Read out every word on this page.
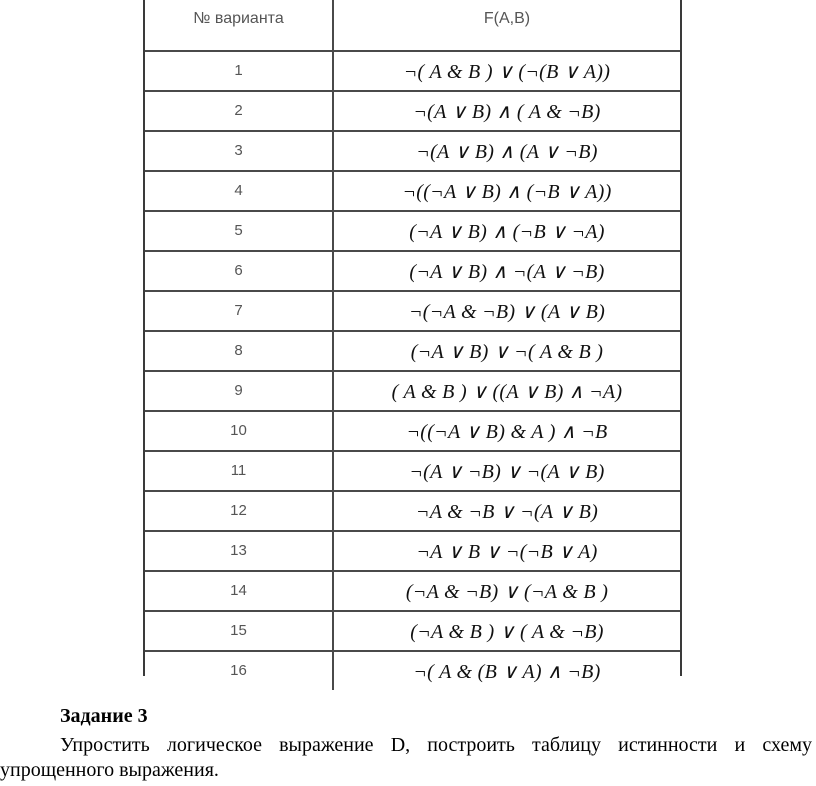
№ варианта	F(A,B)
1	¬( A & B ) ∨ (¬(B ∨ A))
2	¬(A ∨ B) ∧ ( A & ¬B)
3	¬(A ∨ B) ∧ (A ∨ ¬B)
4	¬((¬A ∨ B) ∧ (¬B ∨ A))
5	(¬A ∨ B) ∧ (¬B ∨ ¬A)
6	(¬A ∨ B) ∧ ¬(A ∨ ¬B)
7	¬(¬A & ¬B) ∨ (A ∨ B)
8	(¬A ∨ B) ∨ ¬( A & B )
9	( A & B ) ∨ ((A ∨ B) ∧ ¬A)
10	¬((¬A ∨ B) & A ) ∧ ¬B
11	¬(A ∨ ¬B) ∨ ¬(A ∨ B)
12	¬A & ¬B ∨ ¬(A ∨ B)
13	¬A ∨ B ∨ ¬(¬B ∨ A)
14	(¬A & ¬B) ∨ (¬A & B )
15	(¬A & B ) ∨ ( A & ¬B)
16	¬( A & (B ∨ A) ∧ ¬B)
Задание 3
Упростить логическое выражение D, построить таблицу истинности и схему упрощенного выражения.
